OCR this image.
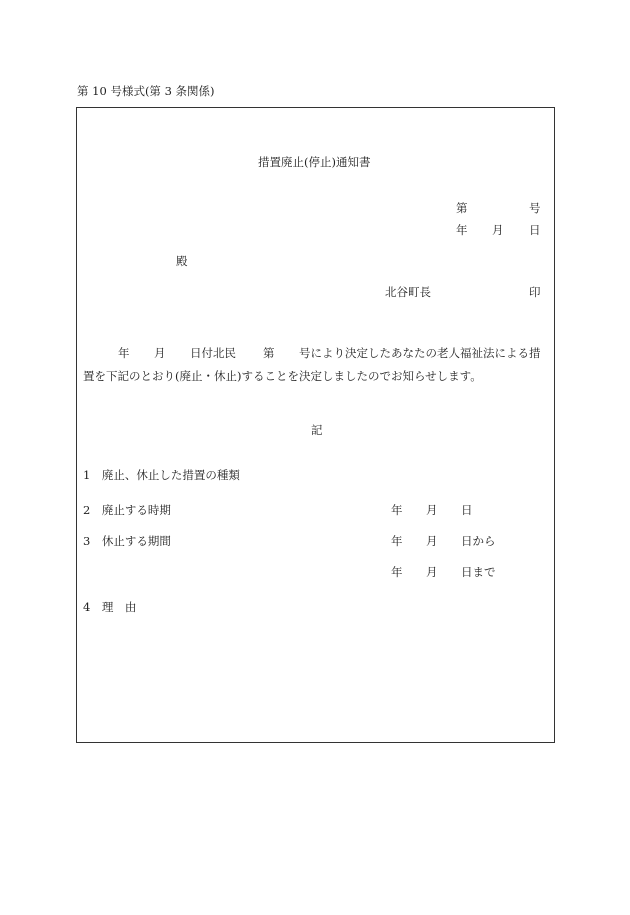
第 10 号様式(第 3 条関係)
措置廃止(停止)通知書
第	号
年 月 日
殿
北谷町長	印
年 月 日付北民 第 号により決定したあなたの老人福祉法による措
置を下記のとおり(廃止・休止)することを決定しましたのでお知らせします。
記
1　廃止、休止した措置の種類
2　廃止する時期	年 月 日
3　休止する期間	年 月 日から
年 月 日まで
4　理　由
